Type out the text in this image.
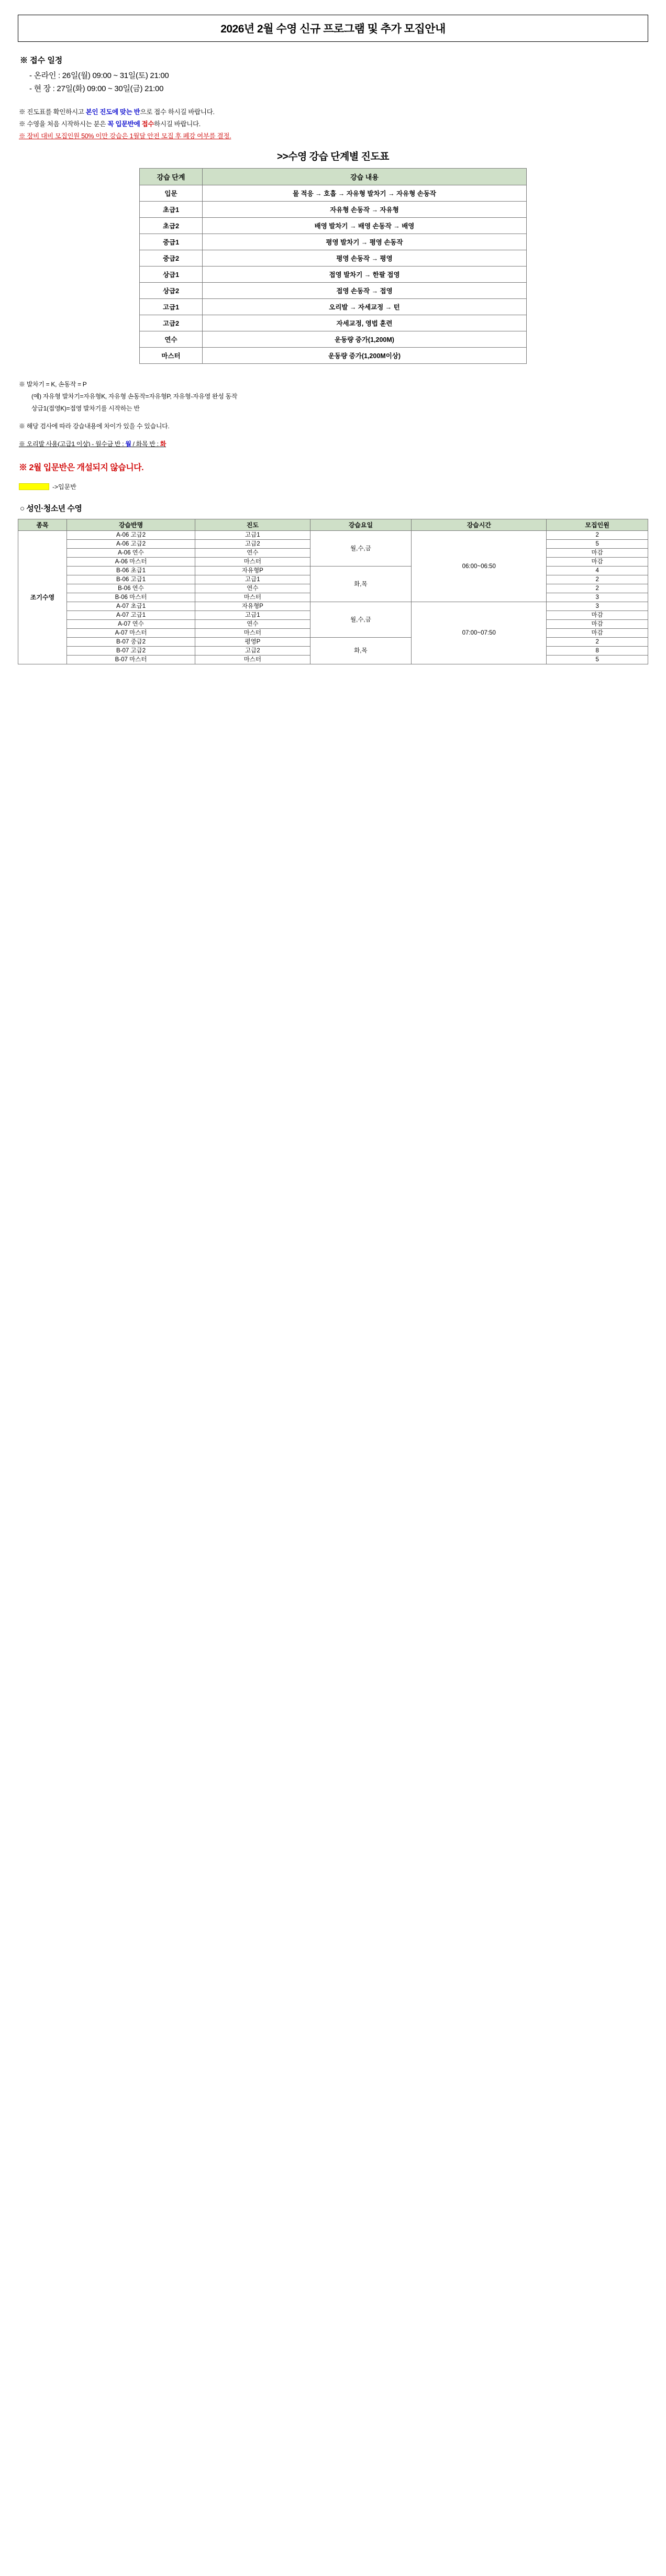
2026년 2월 수영 신규 프로그램 및 추가 모집안내
※ 접수 일정
- 온라인 : 26일(월) 09:00 ~ 31일(토) 21:00
- 현 장 : 27일(화) 09:00 ~ 30일(금) 21:00
※ 진도표를 확인하시고 본인 진도에 맞는 반으로 접수 하시길 바랍니다.
※ 수영을 처음 시작하시는 분은 꼭 입문반에 접수하시길 바랍니다.
※ 장비 대비 모집인원 50% 이만 강습은 1월달 안전 모집 후 폐강 여부를 결정.
>>수영 강습 단계별 진도표
강습 단계	강습 내용
입문	물 적응 → 호흡 → 자유형 발차기 → 자유형 손동작
초급1	자유형 손동작 → 자유형
초급2	배영 발차기 → 배영 손동작 → 배영
중급1	평영 발차기 → 평영 손동작
중급2	평영 손동작 → 평영
상급1	접영 발차기 → 한팔 접영
상급2	접영 손동작 → 접영
고급1	오리발 → 자세교정 → 턴
고급2	자세교정, 영법 훈련
연수	운동량 증가(1,200M)
마스터	운동량 증가(1,200M이상)
※ 발차기 = K, 손동작 = P
(예) 자유형 발차기=자유형K, 자유형 손동작=자유형P, 자유형-자유영 완성 동작
상급1(접영K)=접영 발차기를 시작하는 반
※ 해당 검사에 따라 강습내용에 차이가 있을 수 있습니다.
※ 오리발 사용(고급1 이상) - 월수금 반 : 월 / 화목 반 : 화
※ 2월 입문반은 개설되지 않습니다.
->입문반
○ 성인·청소년 수영
종목	강습반명	진도	강습요일	강습시간	모집인원
조기수영	A-06 고급2	고급1	월,수,금	06:00~06:50	2
	A-06 고급2	고급2			5
	A-06 연수	연수			마감
	A-06 마스터	마스터			마감
	B-06 초급1	자유형P	화,목		4
	B-06 고급1	고급1			2
	B-06 연수	연수			2
	B-06 마스터	마스터			3
	A-07 초급1	자유형P	월,수,금	07:00~07:50	3
	A-07 고급1	고급1			마감
	A-07 연수	연수			마감
	A-07 마스터	마스터			마감
	B-07 중급2	평영P	화,목		2
	B-07 고급2	고급2			8
	B-07 마스터	마스터			5
